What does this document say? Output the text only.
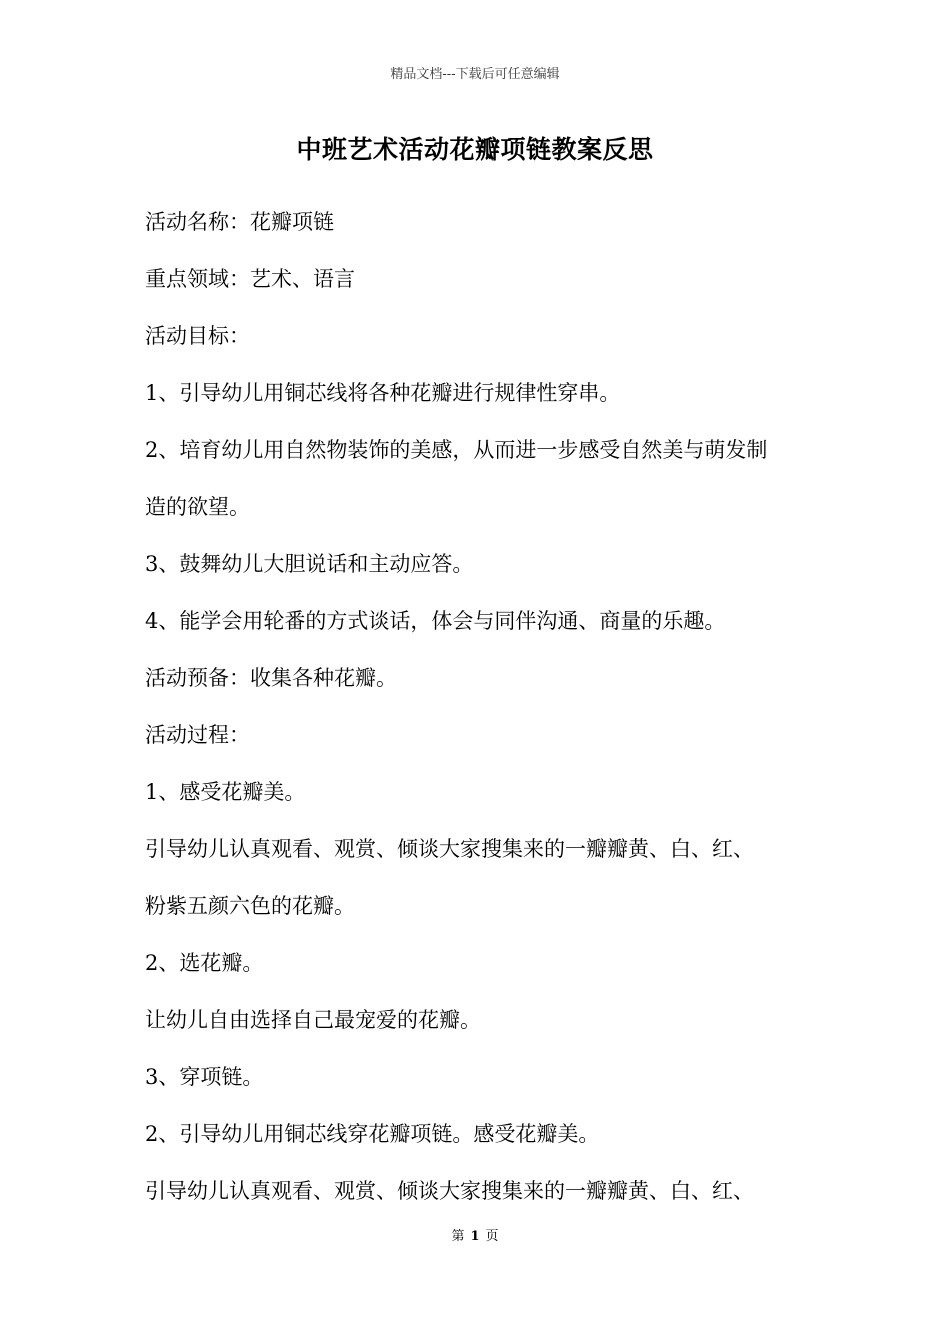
精品文档---下载后可任意编辑
中班艺术活动花瓣项链教案反思
活动名称：花瓣项链
重点领域：艺术、语言
活动目标：
1、引导幼儿用铜芯线将各种花瓣进行规律性穿串。
2、培育幼儿用自然物装饰的美感，从而进一步感受自然美与萌发制
造的欲望。
3、鼓舞幼儿大胆说话和主动应答。
4、能学会用轮番的方式谈话，体会与同伴沟通、商量的乐趣。
活动预备：收集各种花瓣。
活动过程：
1、感受花瓣美。
引导幼儿认真观看、观赏、倾谈大家搜集来的一瓣瓣黄、白、红、
粉紫五颜六色的花瓣。
2、选花瓣。
让幼儿自由选择自己最宠爱的花瓣。
3、穿项链。
2、引导幼儿用铜芯线穿花瓣项链。感受花瓣美。
引导幼儿认真观看、观赏、倾谈大家搜集来的一瓣瓣黄、白、红、
第 1 页
